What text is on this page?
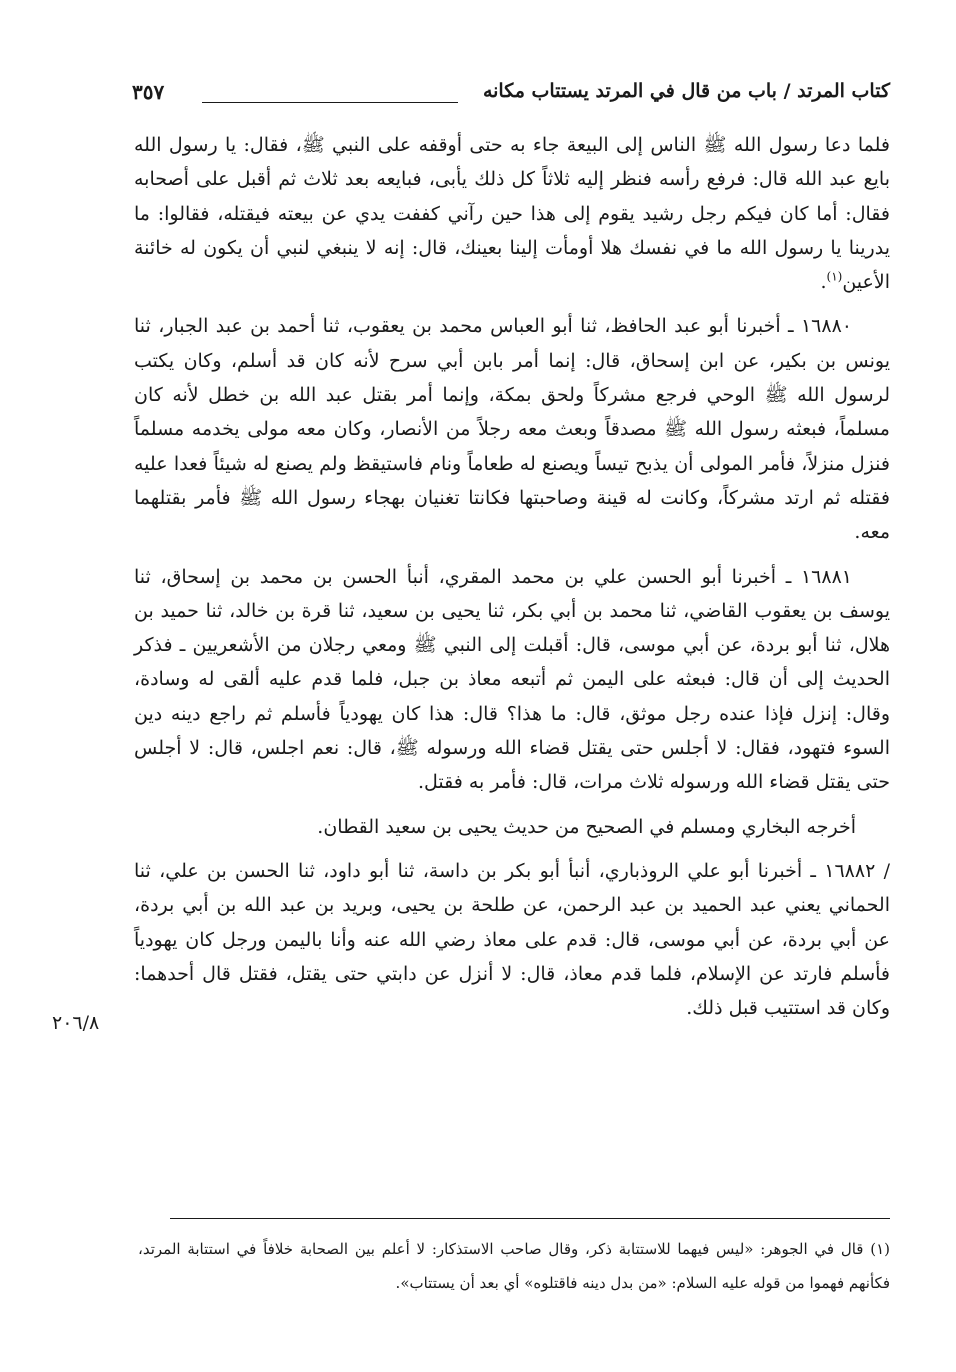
كتاب المرتد / باب من قال في المرتد يستتاب مكانه
٣٥٧

فلما دعا رسول الله ﷺ الناس إلى البيعة جاء به حتى أوقفه على النبي ﷺ، فقال: يا رسول الله بايع عبد الله قال: فرفع رأسه فنظر إليه ثلاثاً كل ذلك يأبى، فبايعه بعد ثلاث ثم أقبل على أصحابه فقال: أما كان فيكم رجل رشيد يقوم إلى هذا حين رآني كففت يدي عن بيعته فيقتله، فقالوا: ما يدرينا يا رسول الله ما في نفسك هلا أومأت إلينا بعينك، قال: إنه لا ينبغي لنبي أن يكون له خائنة الأعين$^{(١)}$.

١٦٨٨٠ ـ أخبرنا أبو عبد الحافظ، ثنا أبو العباس محمد بن يعقوب، ثنا أحمد بن عبد الجبار، ثنا يونس بن بكير، عن ابن إسحاق، قال: إنما أمر بابن أبي سرح لأنه كان قد أسلم، وكان يكتب لرسول الله ﷺ الوحي فرجع مشركاً ولحق بمكة، وإنما أمر بقتل عبد الله بن خطل لأنه كان مسلماً، فبعثه رسول الله ﷺ مصدقاً وبعث معه رجلاً من الأنصار، وكان معه مولى يخدمه مسلماً فنزل منزلاً، فأمر المولى أن يذبح تيساً ويصنع له طعاماً ونام فاستيقظ ولم يصنع له شيئاً فعدا عليه فقتله ثم ارتد مشركاً، وكانت له قينة وصاحبتها فكانتا تغنيان بهجاء رسول الله ﷺ فأمر بقتلهما معه.

١٦٨٨١ ـ أخبرنا أبو الحسن علي بن محمد المقري، أنبأ الحسن بن محمد بن إسحاق، ثنا يوسف بن يعقوب القاضي، ثنا محمد بن أبي بكر، ثنا يحيى بن سعيد، ثنا قرة بن خالد، ثنا حميد بن هلال، ثنا أبو بردة، عن أبي موسى، قال: أقبلت إلى النبي ﷺ ومعي رجلان من الأشعريين ـ فذكر الحديث إلى أن قال: فبعثه على اليمن ثم أتبعه معاذ بن جبل، فلما قدم عليه ألقى له وسادة، وقال: إنزل فإذا عنده رجل موثق، قال: ما هذا؟ قال: هذا كان يهودياً فأسلم ثم راجع دينه دين السوء فتهود، فقال: لا أجلس حتى يقتل قضاء الله ورسوله ﷺ، قال: نعم اجلس، قال: لا أجلس حتى يقتل قضاء الله ورسوله ثلاث مرات، قال: فأمر به فقتل.

أخرجه البخاري ومسلم في الصحيح من حديث يحيى بن سعيد القطان.

/ ١٦٨٨٢ ـ أخبرنا أبو علي الروذباري، أنبأ أبو بكر بن داسة، ثنا أبو داود، ثنا الحسن بن علي، ثنا الحماني يعني عبد الحميد بن عبد الرحمن، عن طلحة بن يحيى، وبريد بن عبد الله بن أبي بردة، عن أبي بردة، عن أبي موسى، قال: قدم على معاذ رضي الله عنه وأنا باليمن ورجل كان يهودياً فأسلم فارتد عن الإسلام، فلما قدم معاذ، قال: لا أنزل عن دابتي حتى يقتل، فقتل قال أحدهما: وكان قد استتيب قبل ذلك.

٢٠٦/٨
(١) قال في الجوهر: «ليس فيهما للاستتابة ذكر، وقال صاحب الاستذكار: لا أعلم بين الصحابة خلافاً في استتابة المرتد، فكأنهم فهموا من قوله عليه السلام: «من بدل دينه فاقتلوه» أي بعد أن يستتاب».
